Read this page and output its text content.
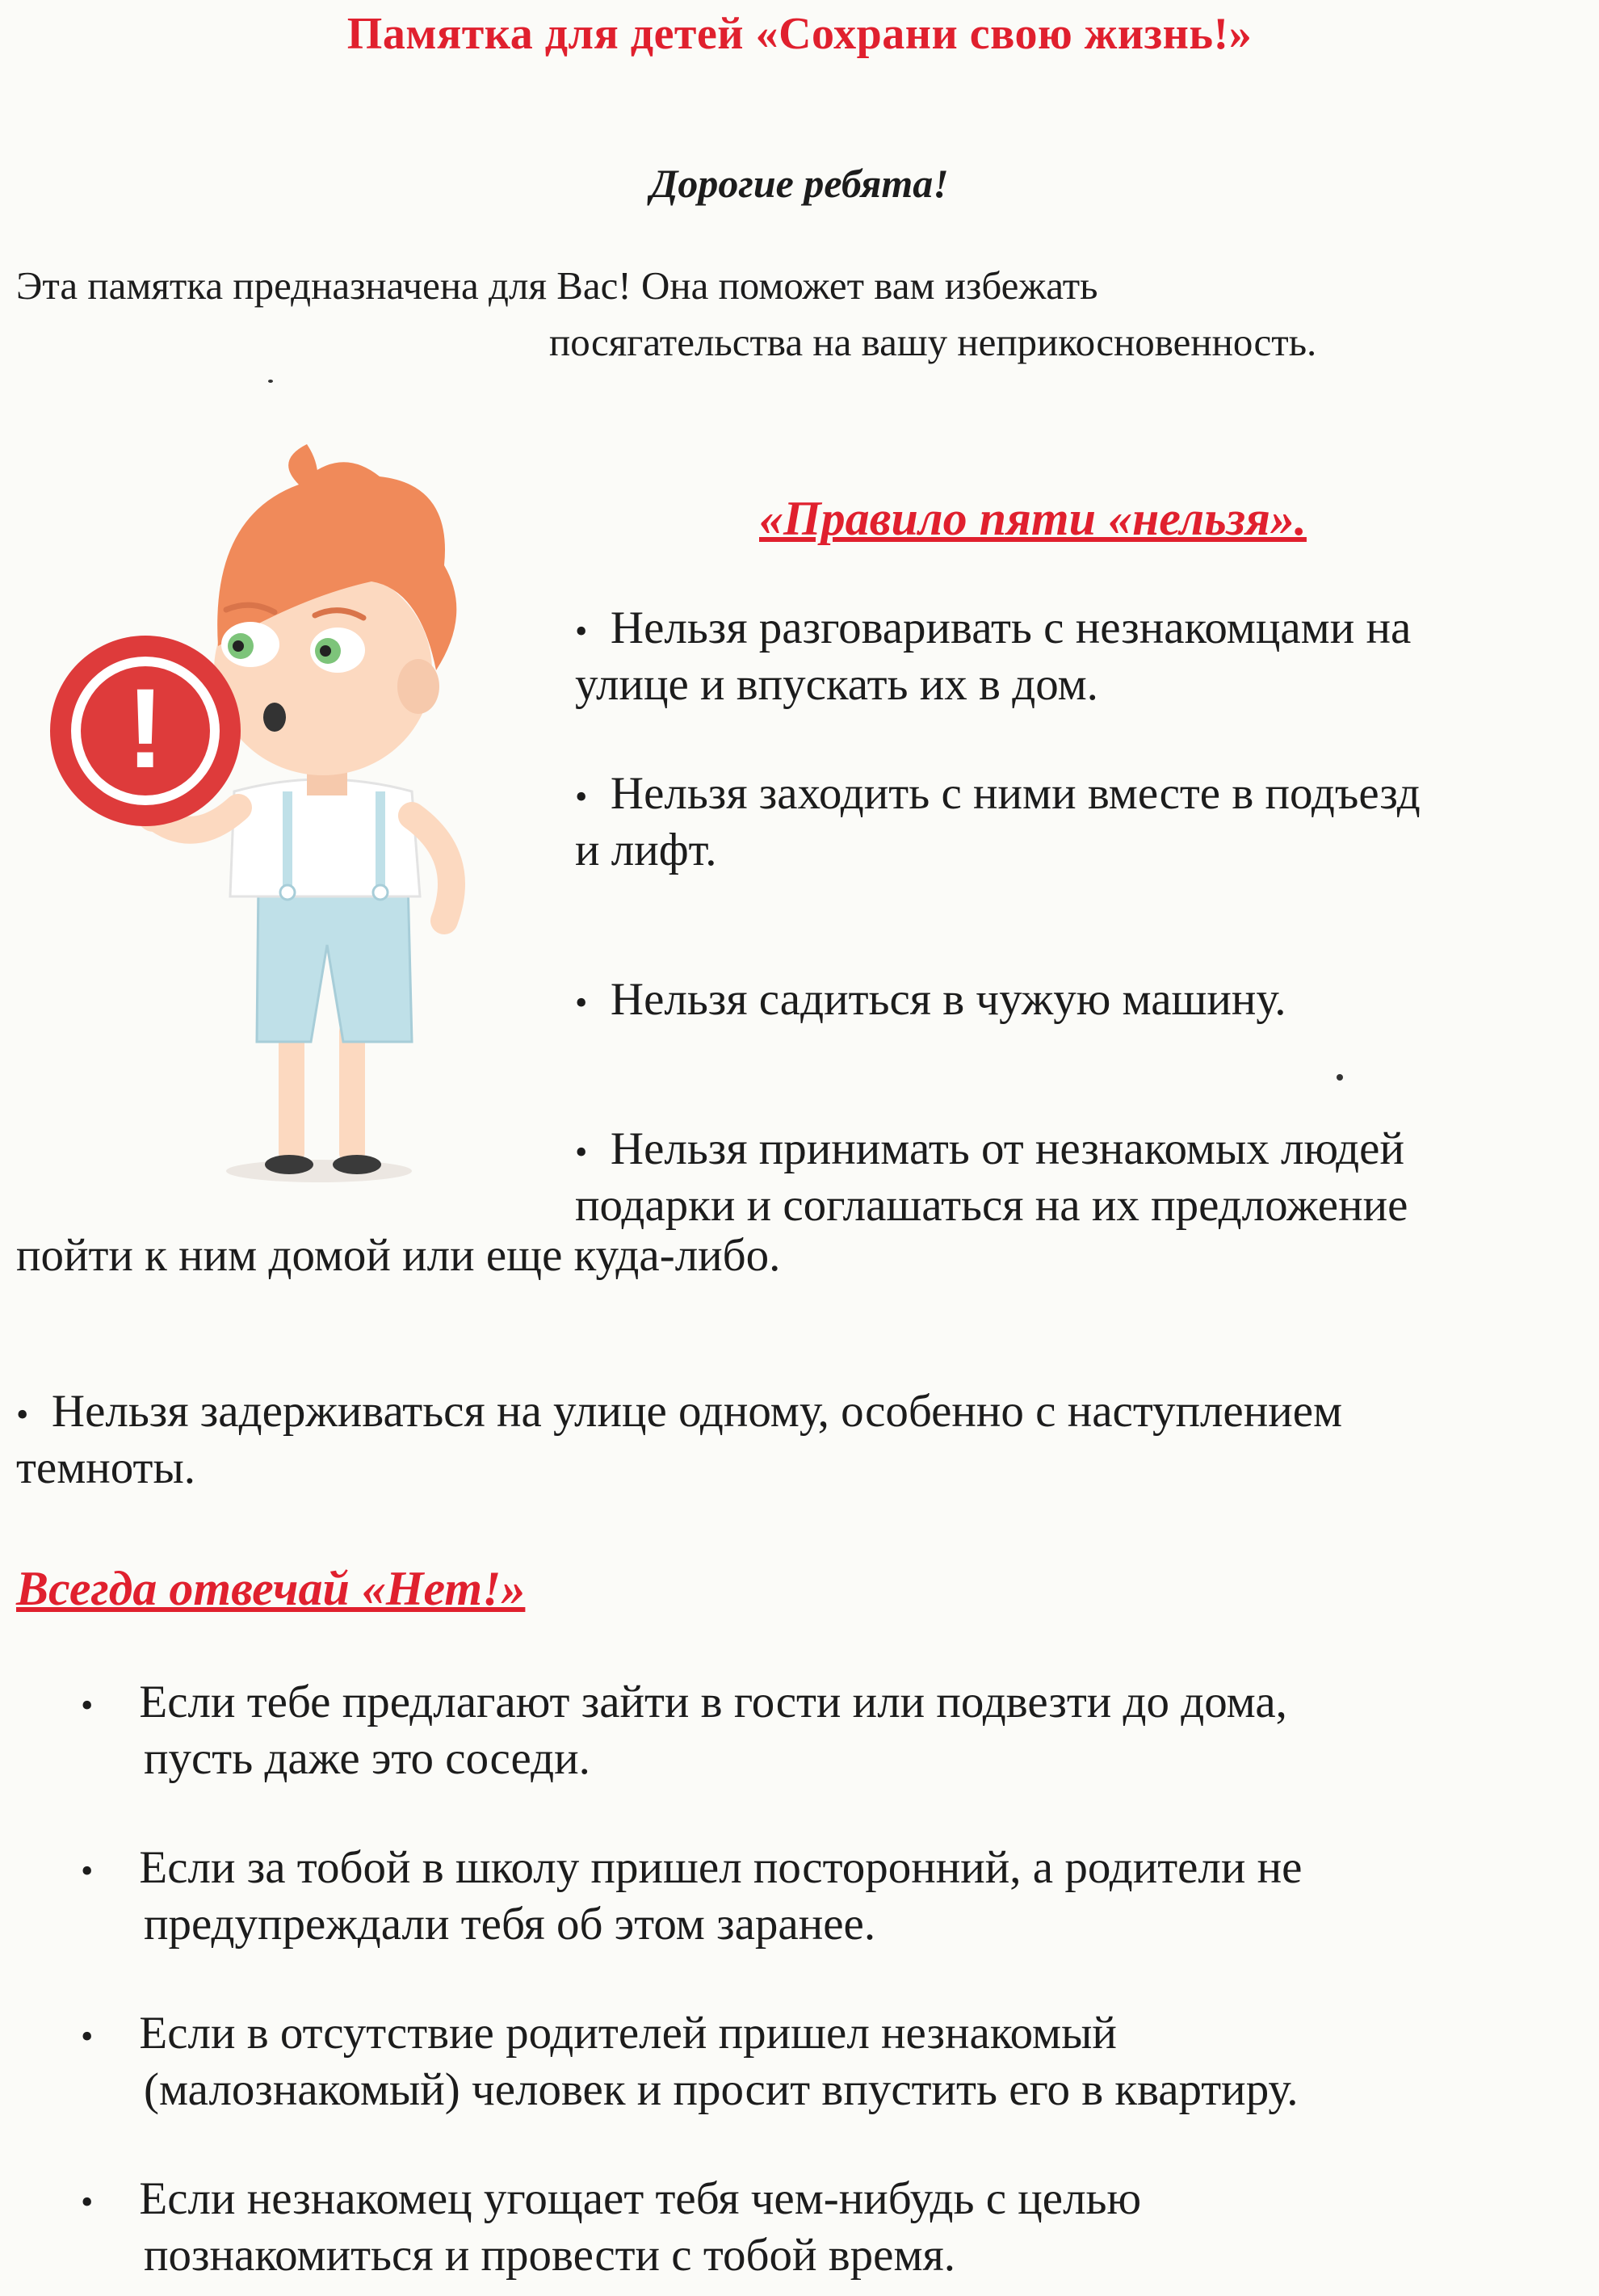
Памятка для детей «Сохрани свою жизнь!»
Дорогие ребята!
Эта памятка предназначена для Вас! Она поможет вам избежать
посягательства на вашу неприкосновенность.
!
«Правило пяти «нельзя».
• Нельзя разговаривать с незнакомцами на
улице и впускать их в дом.
• Нельзя заходить с ними вместе в подъезд
и лифт.
• Нельзя садиться в чужую машину.
• Нельзя принимать от незнакомых людей
подарки и соглашаться на их предложение
пойти к ним домой или еще куда-либо.
• Нельзя задерживаться на улице одному, особенно с наступлением
темноты.
Всегда отвечай «Нет!»
• Если тебе предлагают зайти в гости или подвезти до дома,
пусть даже это соседи.
• Если за тобой в школу пришел посторонний, а родители не
предупреждали тебя об этом заранее.
• Если в отсутствие родителей пришел незнакомый
(малознакомый) человек и просит впустить его в квартиру.
• Если незнакомец угощает тебя чем-нибудь с целью
познакомиться и провести с тобой время.
